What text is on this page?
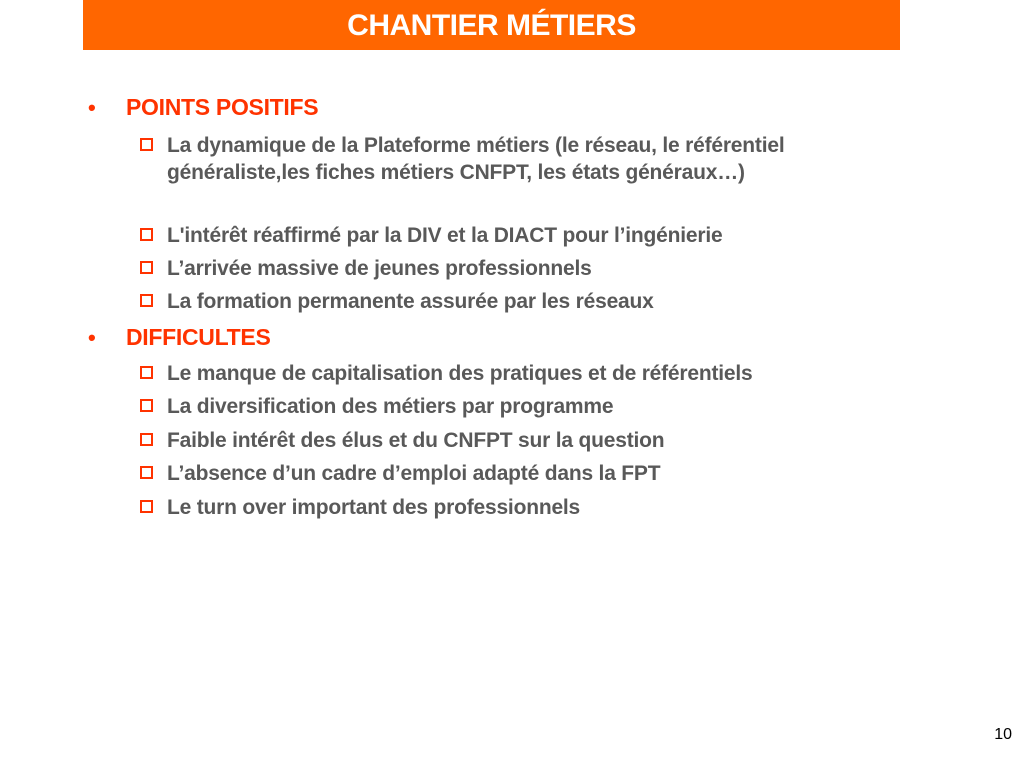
CHANTIER MÉTIERS
•	POINTS POSITIFS
La dynamique de la Plateforme métiers (le réseau, le référentiel généraliste,les fiches métiers CNFPT, les états généraux…)
L'intérêt réaffirmé par la DIV et la DIACT pour l’ingénierie
L’arrivée massive de jeunes professionnels
La formation permanente assurée par les réseaux
•	DIFFICULTES
Le manque de capitalisation des pratiques et de référentiels
La diversification des métiers par programme
Faible intérêt des élus et du CNFPT sur la question
L’absence d’un cadre d’emploi adapté dans la FPT
Le turn over important des professionnels
10
